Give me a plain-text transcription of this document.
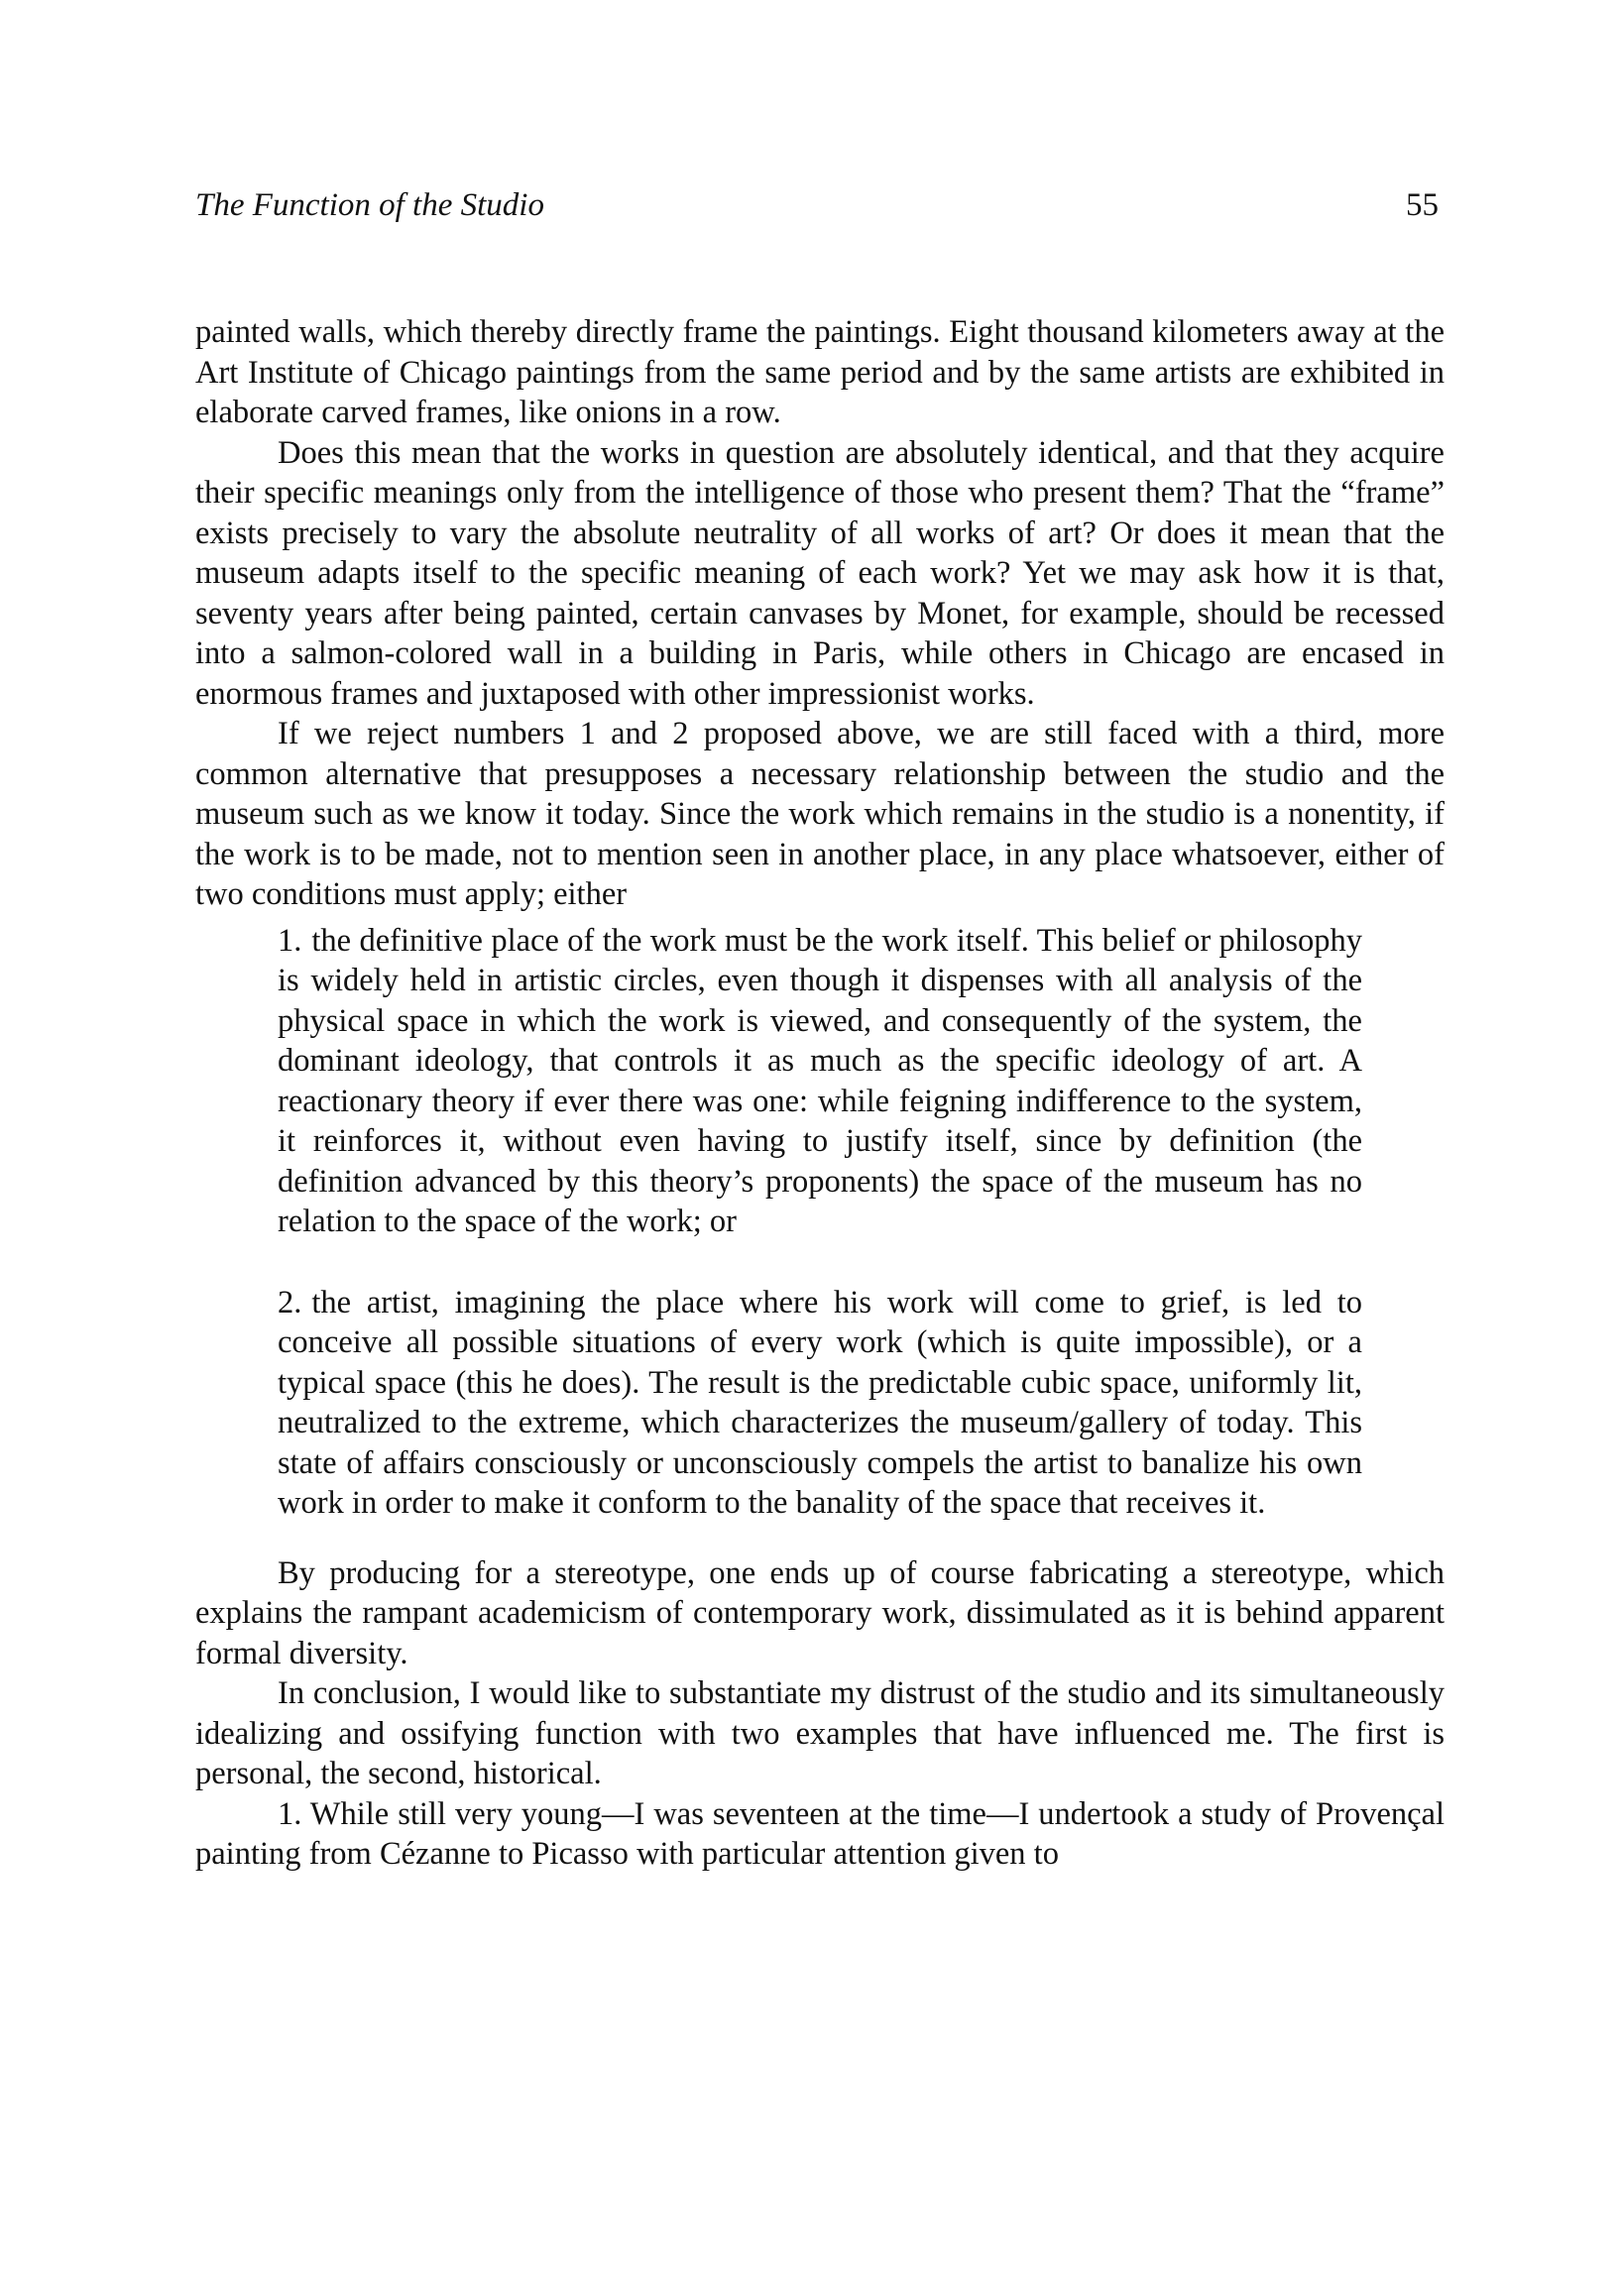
The Function of the Studio	55

painted walls, which thereby directly frame the paintings. Eight thousand kilometers away at the Art Institute of Chicago paintings from the same period and by the same artists are exhibited in elaborate carved frames, like onions in a row.

Does this mean that the works in question are absolutely identical, and that they acquire their specific meanings only from the intelligence of those who present them? That the “frame” exists precisely to vary the absolute neutrality of all works of art? Or does it mean that the museum adapts itself to the specific meaning of each work? Yet we may ask how it is that, seventy years after being painted, certain canvases by Monet, for example, should be recessed into a salmon-colored wall in a building in Paris, while others in Chicago are encased in enormous frames and juxtaposed with other impressionist works.

If we reject numbers 1 and 2 proposed above, we are still faced with a third, more common alternative that presupposes a necessary relationship between the studio and the museum such as we know it today. Since the work which remains in the studio is a nonentity, if the work is to be made, not to mention seen in another place, in any place whatsoever, either of two conditions must apply; either

1. the definitive place of the work must be the work itself. This belief or philosophy is widely held in artistic circles, even though it dispenses with all analysis of the physical space in which the work is viewed, and consequently of the system, the dominant ideology, that controls it as much as the specific ideology of art. A reactionary theory if ever there was one: while feigning indifference to the system, it reinforces it, without even having to justify itself, since by definition (the definition advanced by this theory’s proponents) the space of the museum has no relation to the space of the work; or
2. the artist, imagining the place where his work will come to grief, is led to conceive all possible situations of every work (which is quite impossible), or a typical space (this he does). The result is the predictable cubic space, uniformly lit, neutralized to the extreme, which characterizes the museum/gallery of today. This state of affairs consciously or unconsciously compels the artist to banalize his own work in order to make it conform to the banality of the space that receives it.

By producing for a stereotype, one ends up of course fabricating a stereotype, which explains the rampant academicism of contemporary work, dissimulated as it is behind apparent formal diversity.

In conclusion, I would like to substantiate my distrust of the studio and its simultaneously idealizing and ossifying function with two examples that have influenced me. The first is personal, the second, historical.

1. While still very young—I was seventeen at the time—I undertook a study of Provençal painting from Cézanne to Picasso with particular attention given to
